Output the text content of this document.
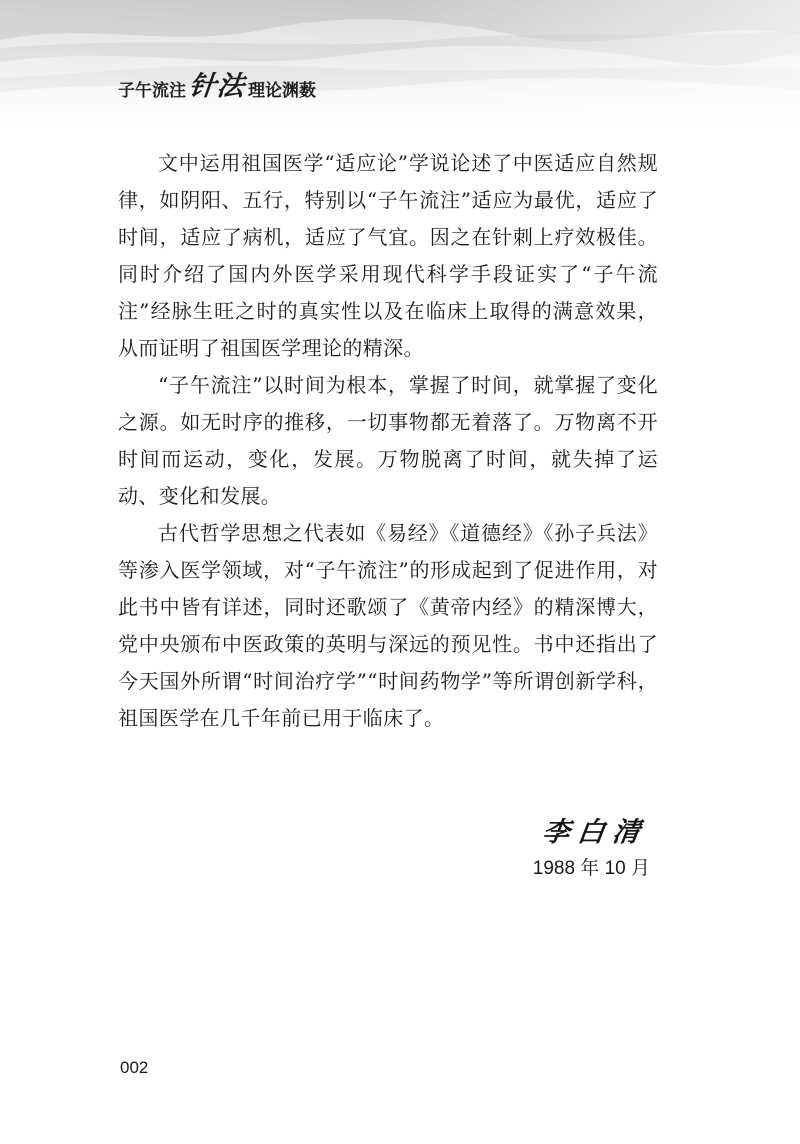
子午流注 针法 理论渊薮

文中运用祖国医学“适应论”学说论述了中医适应自然规律，如阴阳、五行，特别以“子午流注”适应为最优，适应了时间，适应了病机，适应了气宜。因之在针刺上疗效极佳。同时介绍了国内外医学采用现代科学手段证实了“子午流注”经脉生旺之时的真实性以及在临床上取得的满意效果，从而证明了祖国医学理论的精深。

“子午流注”以时间为根本，掌握了时间，就掌握了变化之源。如无时序的推移，一切事物都无着落了。万物离不开时间而运动，变化，发展。万物脱离了时间，就失掉了运动、变化和发展。

古代哲学思想之代表如《易经》《道德经》《孙子兵法》等渗入医学领域，对“子午流注”的形成起到了促进作用，对此书中皆有详述，同时还歌颂了《黄帝内经》的精深博大，党中央颁布中医政策的英明与深远的预见性。书中还指出了今天国外所谓“时间治疗学”“时间药物学”等所谓创新学科，祖国医学在几千年前已用于临床了。

李白清
1988 年 10 月
002
